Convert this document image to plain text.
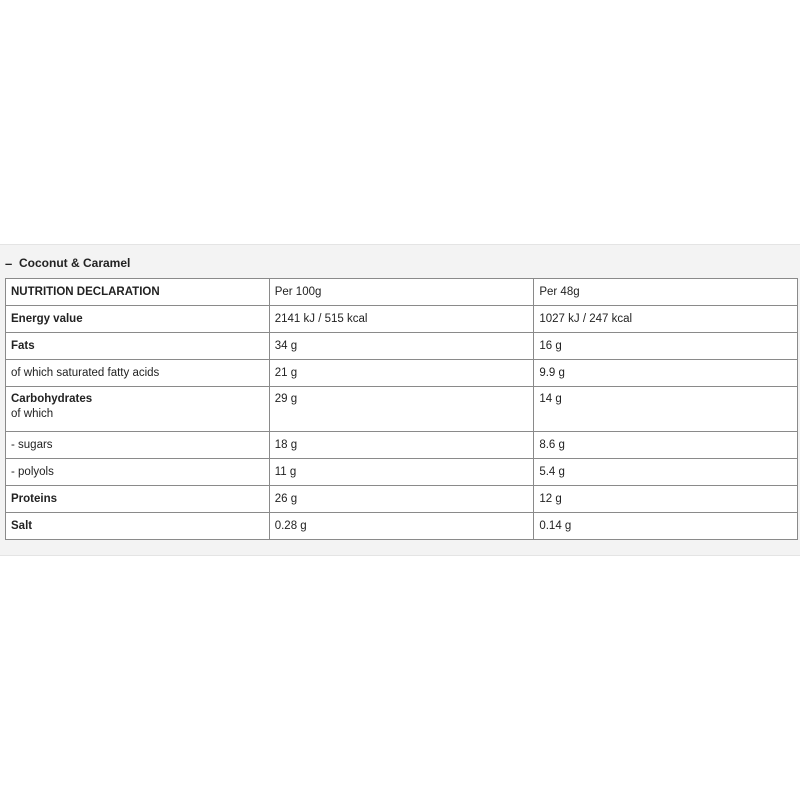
– Coconut & Caramel
NUTRITION DECLARATION	Per 100g	Per 48g
Energy value	2141 kJ / 515 kcal	1027 kJ / 247 kcal
Fats	34 g	16 g
of which saturated fatty acids	21 g	9.9 g
Carbohydrates
of which	29 g	14 g
- sugars	18 g	8.6 g
- polyols	11 g	5.4 g
Proteins	26 g	12 g
Salt	0.28 g	0.14 g
